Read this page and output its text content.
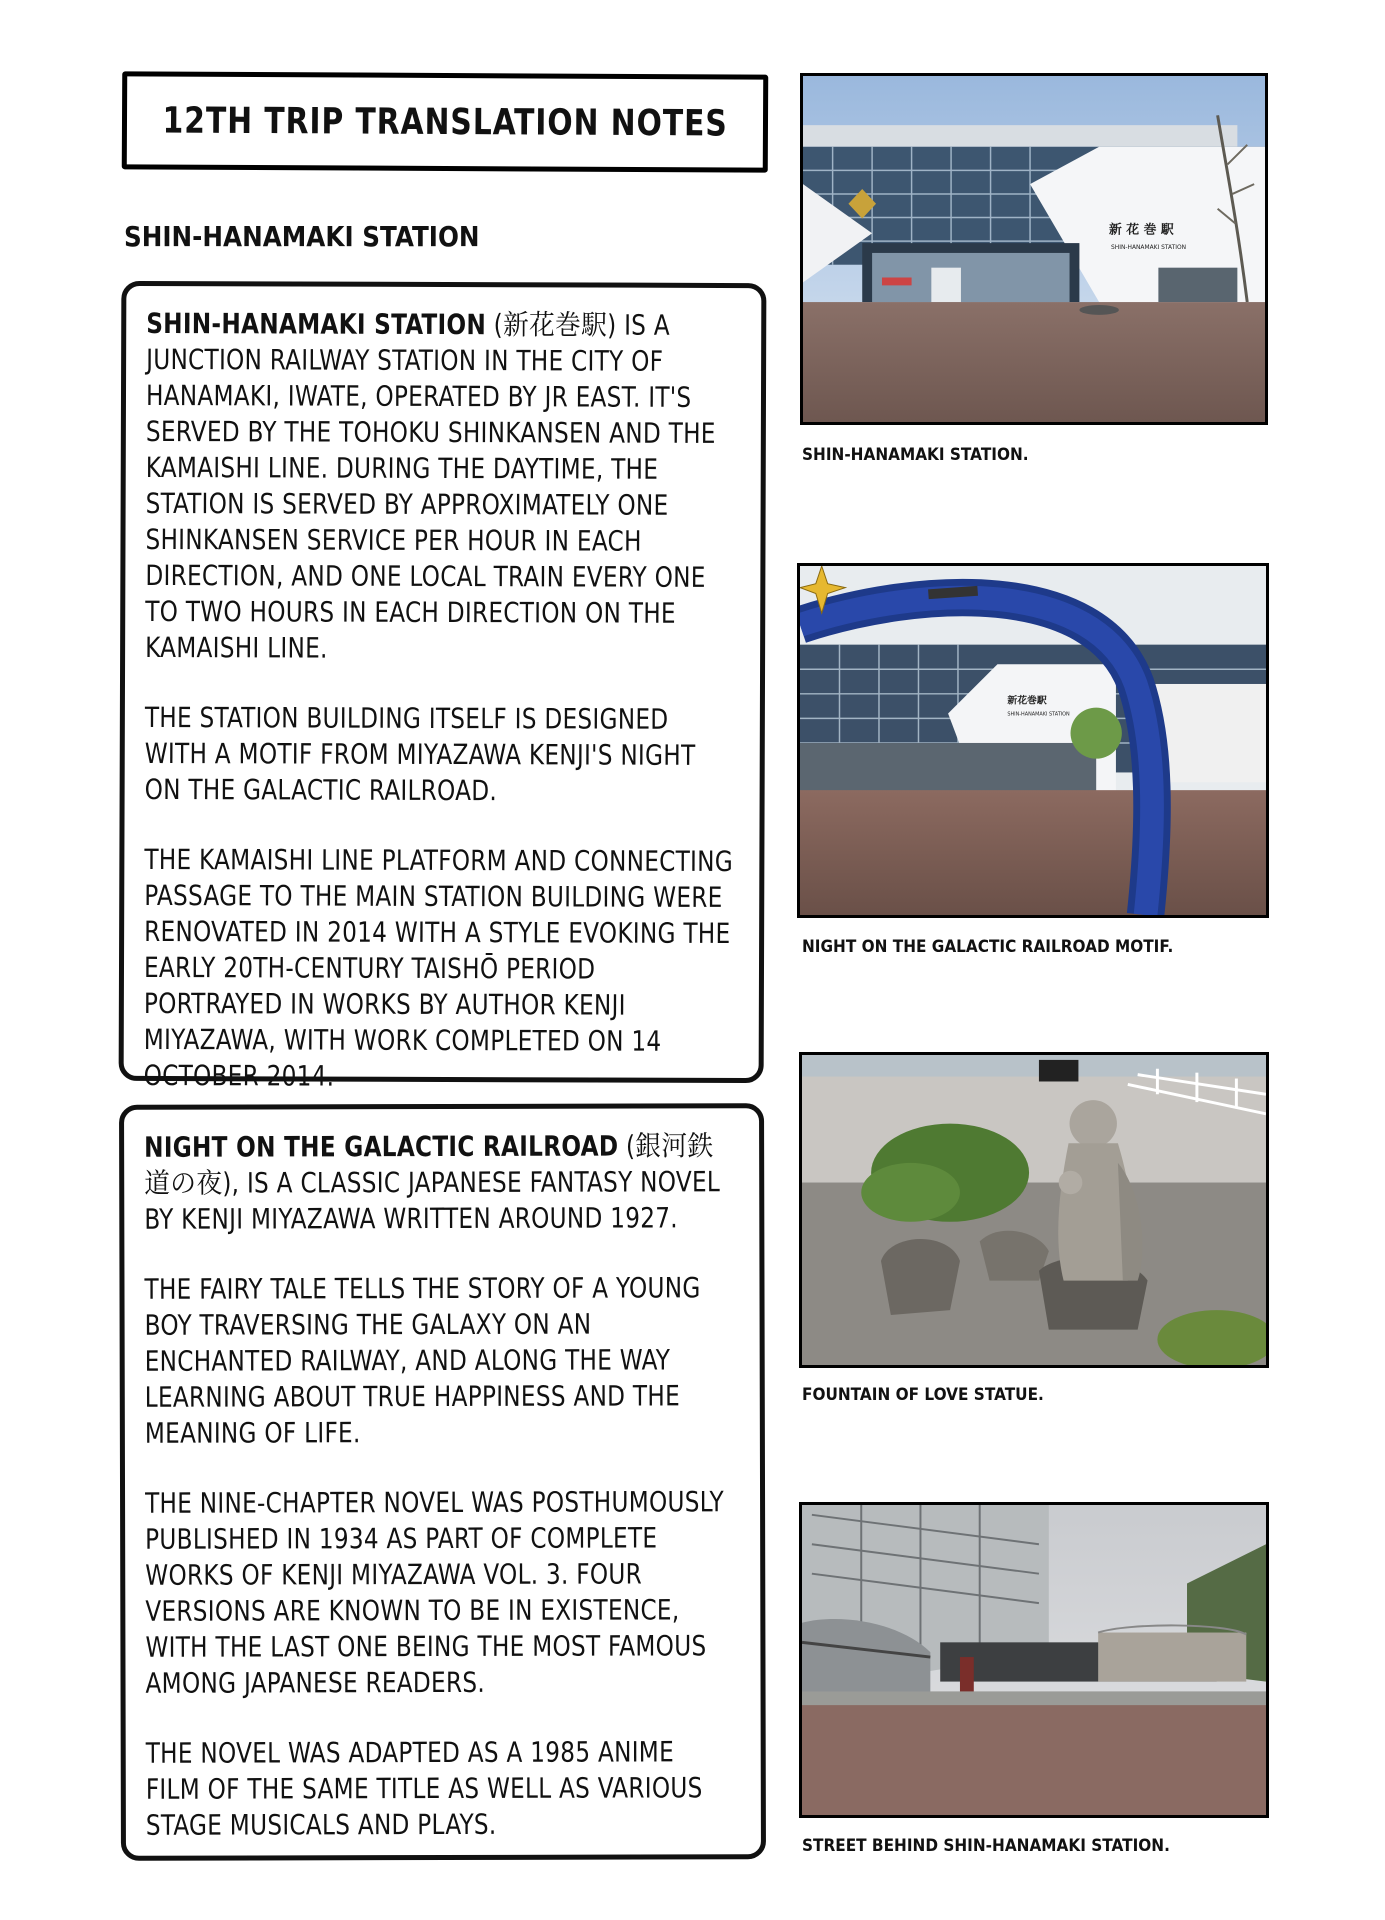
12TH TRIP TRANSLATION NOTES
SHIN-HANAMAKI STATION

SHIN-HANAMAKI STATION (新花巻駅) IS A JUNCTION RAILWAY STATION IN THE CITY OF HANAMAKI, IWATE, OPERATED BY JR EAST. IT'S SERVED BY THE TOHOKU SHINKANSEN AND THE KAMAISHI LINE. DURING THE DAYTIME, THE STATION IS SERVED BY APPROXIMATELY ONE SHINKANSEN SERVICE PER HOUR IN EACH DIRECTION, AND ONE LOCAL TRAIN EVERY ONE TO TWO HOURS IN EACH DIRECTION ON THE KAMAISHI LINE.

THE STATION BUILDING ITSELF IS DESIGNED WITH A MOTIF FROM MIYAZAWA KENJI'S NIGHT ON THE GALACTIC RAILROAD.

THE KAMAISHI LINE PLATFORM AND CONNECTING PASSAGE TO THE MAIN STATION BUILDING WERE RENOVATED IN 2014 WITH A STYLE EVOKING THE EARLY 20TH-CENTURY TAISHŌ PERIOD PORTRAYED IN WORKS BY AUTHOR KENJI MIYAZAWA, WITH WORK COMPLETED ON 14 OCTOBER 2014.

NIGHT ON THE GALACTIC RAILROAD (銀河鉄道の夜), IS A CLASSIC JAPANESE FANTASY NOVEL BY KENJI MIYAZAWA WRITTEN AROUND 1927.

THE FAIRY TALE TELLS THE STORY OF A YOUNG BOY TRAVERSING THE GALAXY ON AN ENCHANTED RAILWAY, AND ALONG THE WAY LEARNING ABOUT TRUE HAPPINESS AND THE MEANING OF LIFE.

THE NINE-CHAPTER NOVEL WAS POSTHUMOUSLY PUBLISHED IN 1934 AS PART OF COMPLETE WORKS OF KENJI MIYAZAWA VOL. 3. FOUR VERSIONS ARE KNOWN TO BE IN EXISTENCE, WITH THE LAST ONE BEING THE MOST FAMOUS AMONG JAPANESE READERS.

THE NOVEL WAS ADAPTED AS A 1985 ANIME FILM OF THE SAME TITLE AS WELL AS VARIOUS STAGE MUSICALS AND PLAYS.

新 花 巻 駅
SHIN-HANAMAKI STATION
新花巻駅
SHIN-HANAMAKI STATION

SHIN-HANAMAKI STATION.

NIGHT ON THE GALACTIC RAILROAD MOTIF.

FOUNTAIN OF LOVE STATUE.

STREET BEHIND SHIN-HANAMAKI STATION.
